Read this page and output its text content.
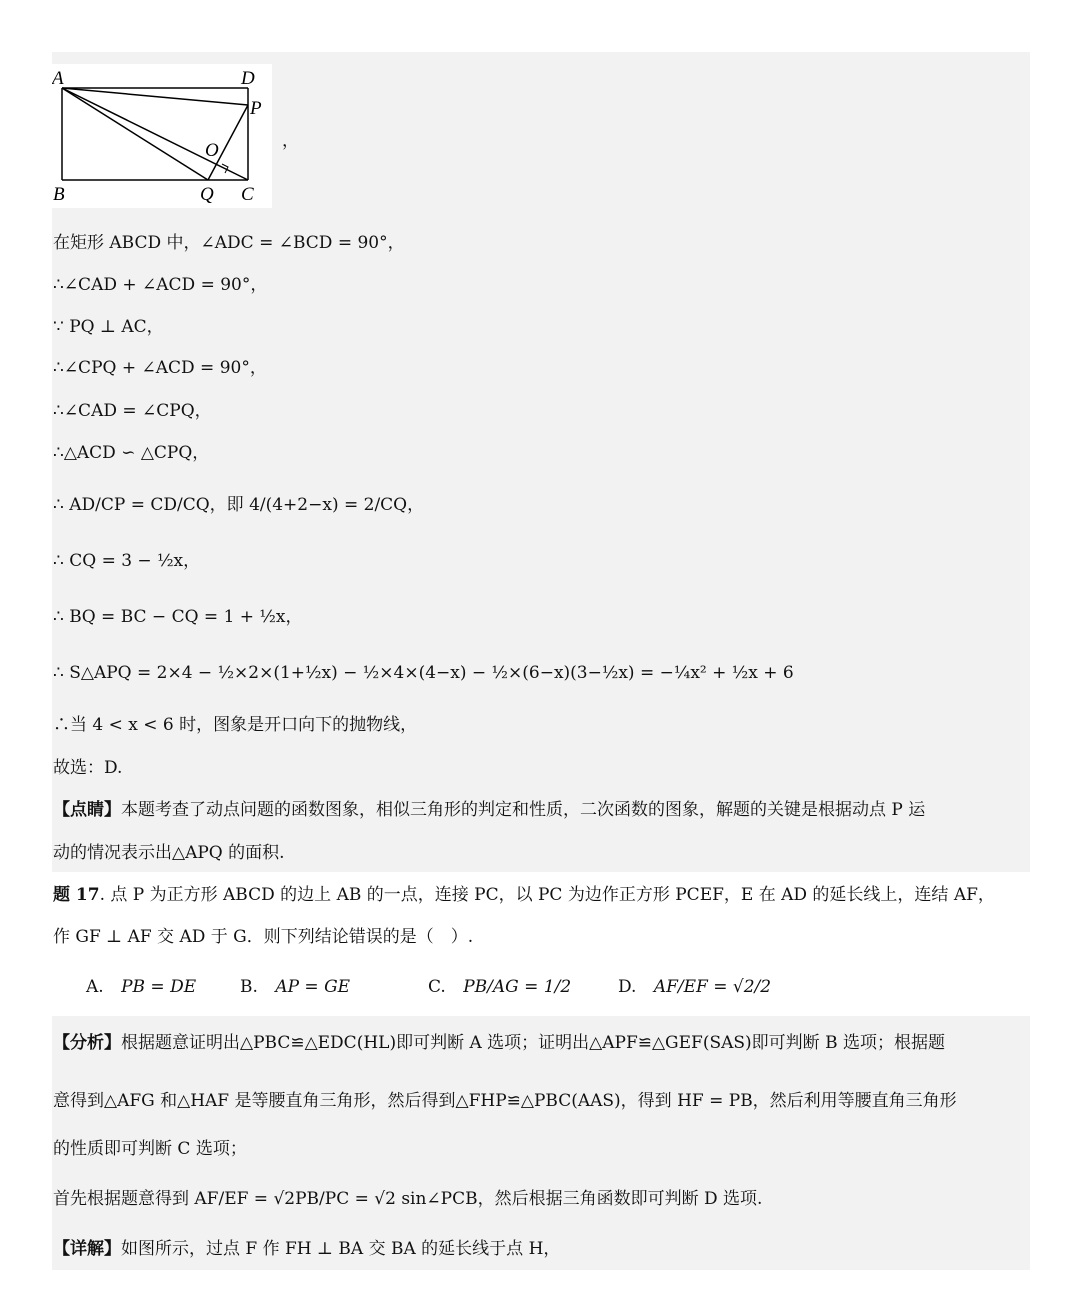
A	D
P
O
B	Q C
，
在矩形 ABCD 中，∠ADC = ∠BCD = 90°，
∴∠CAD + ∠ACD = 90°，
∵ PQ ⊥ AC，
∴∠CPQ + ∠ACD = 90°，
∴∠CAD = ∠CPQ，
∴△ACD ∽ △CPQ，
∴ AD/CP = CD/CQ，即 4/(4+2−x) = 2/CQ，
∴ CQ = 3 − ½x，
∴ BQ = BC − CQ = 1 + ½x，
∴ S△APQ = 2×4 − ½×2×(1+½x) − ½×4×(4−x) − ½×(6−x)(3−½x) = −¼x² + ½x + 6
∴当 4 < x < 6 时，图象是开口向下的抛物线，
故选：D.
【点睛】本题考查了动点问题的函数图象，相似三角形的判定和性质，二次函数的图象，解题的关键是根据动点 P 运
动的情况表示出△APQ 的面积.
题 17. 点 P 为正方形 ABCD 的边上 AB 的一点，连接 PC，以 PC 为边作正方形 PCEF，E 在 AD 的延长线上，连结 AF，
作 GF ⊥ AF 交 AD 于 G．则下列结论错误的是（　）.
A. PB = DE	B. AP = GE	C. PB/AG = 1/2	D. AF/EF = √2/2
【分析】根据题意证明出△PBC≌△EDC(HL)即可判断 A 选项；证明出△APF≌△GEF(SAS)即可判断 B 选项；根据题
意得到△AFG 和△HAF 是等腰直角三角形，然后得到△FHP≌△PBC(AAS)，得到 HF = PB，然后利用等腰直角三角形
的性质即可判断 C 选项；
首先根据题意得到 AF/EF = √2PB/PC = √2 sin∠PCB，然后根据三角函数即可判断 D 选项.
【详解】如图所示，过点 F 作 FH ⊥ BA 交 BA 的延长线于点 H，
